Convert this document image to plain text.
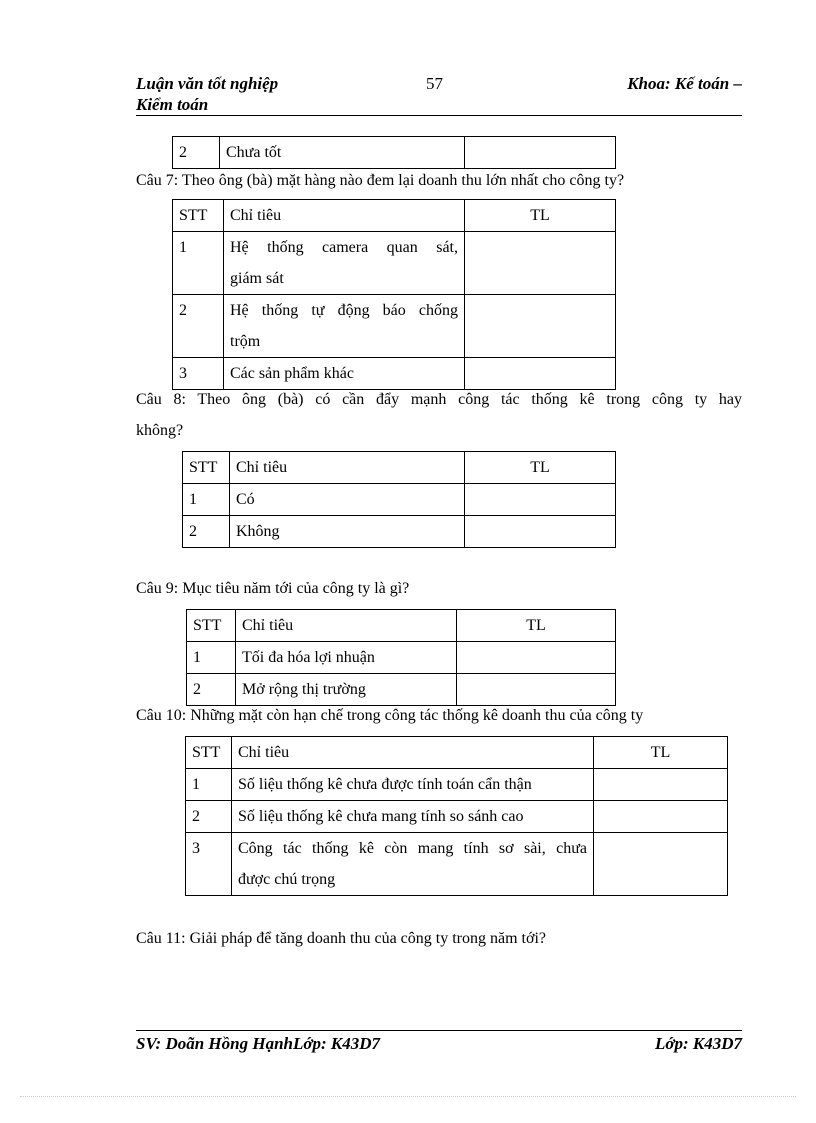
Luận văn tốt nghiệp	57	Khoa: Kế toán –
Kiểm toán
2	Chưa tốt	
Câu 7: Theo ông (bà) mặt hàng nào đem lại doanh thu lớn nhất cho công ty?
STT	Chỉ tiêu	TL
1	Hệ thống camera quan sát,
giám sát	

2	Hệ thống tự động báo chống
trộm	

3	Các sản phẩm khác	
Câu 8: Theo ông (bà) có cần đẩy mạnh công tác thống kê trong công ty hay
không?
STT	Chỉ tiêu	TL
1	Có	
2	Không	
Câu 9: Mục tiêu năm tới của công ty là gì?
STT	Chỉ tiêu	TL
1	Tối đa hóa lợi nhuận	
2	Mở rộng thị trường	
Câu 10: Những mặt còn hạn chế trong công tác thống kê doanh thu của công ty
STT	Chỉ tiêu	TL
1	Số liệu thống kê chưa được tính toán cẩn thận	
2	Số liệu thống kê chưa mang tính so sánh cao	
3	Công tác thống kê còn mang tính sơ sài, chưa
được chú trọng	

Câu 11: Giải pháp để tăng doanh thu của công ty trong năm tới?
SV: Doãn Hồng HạnhLớp: K43D7	Lớp: K43D7
